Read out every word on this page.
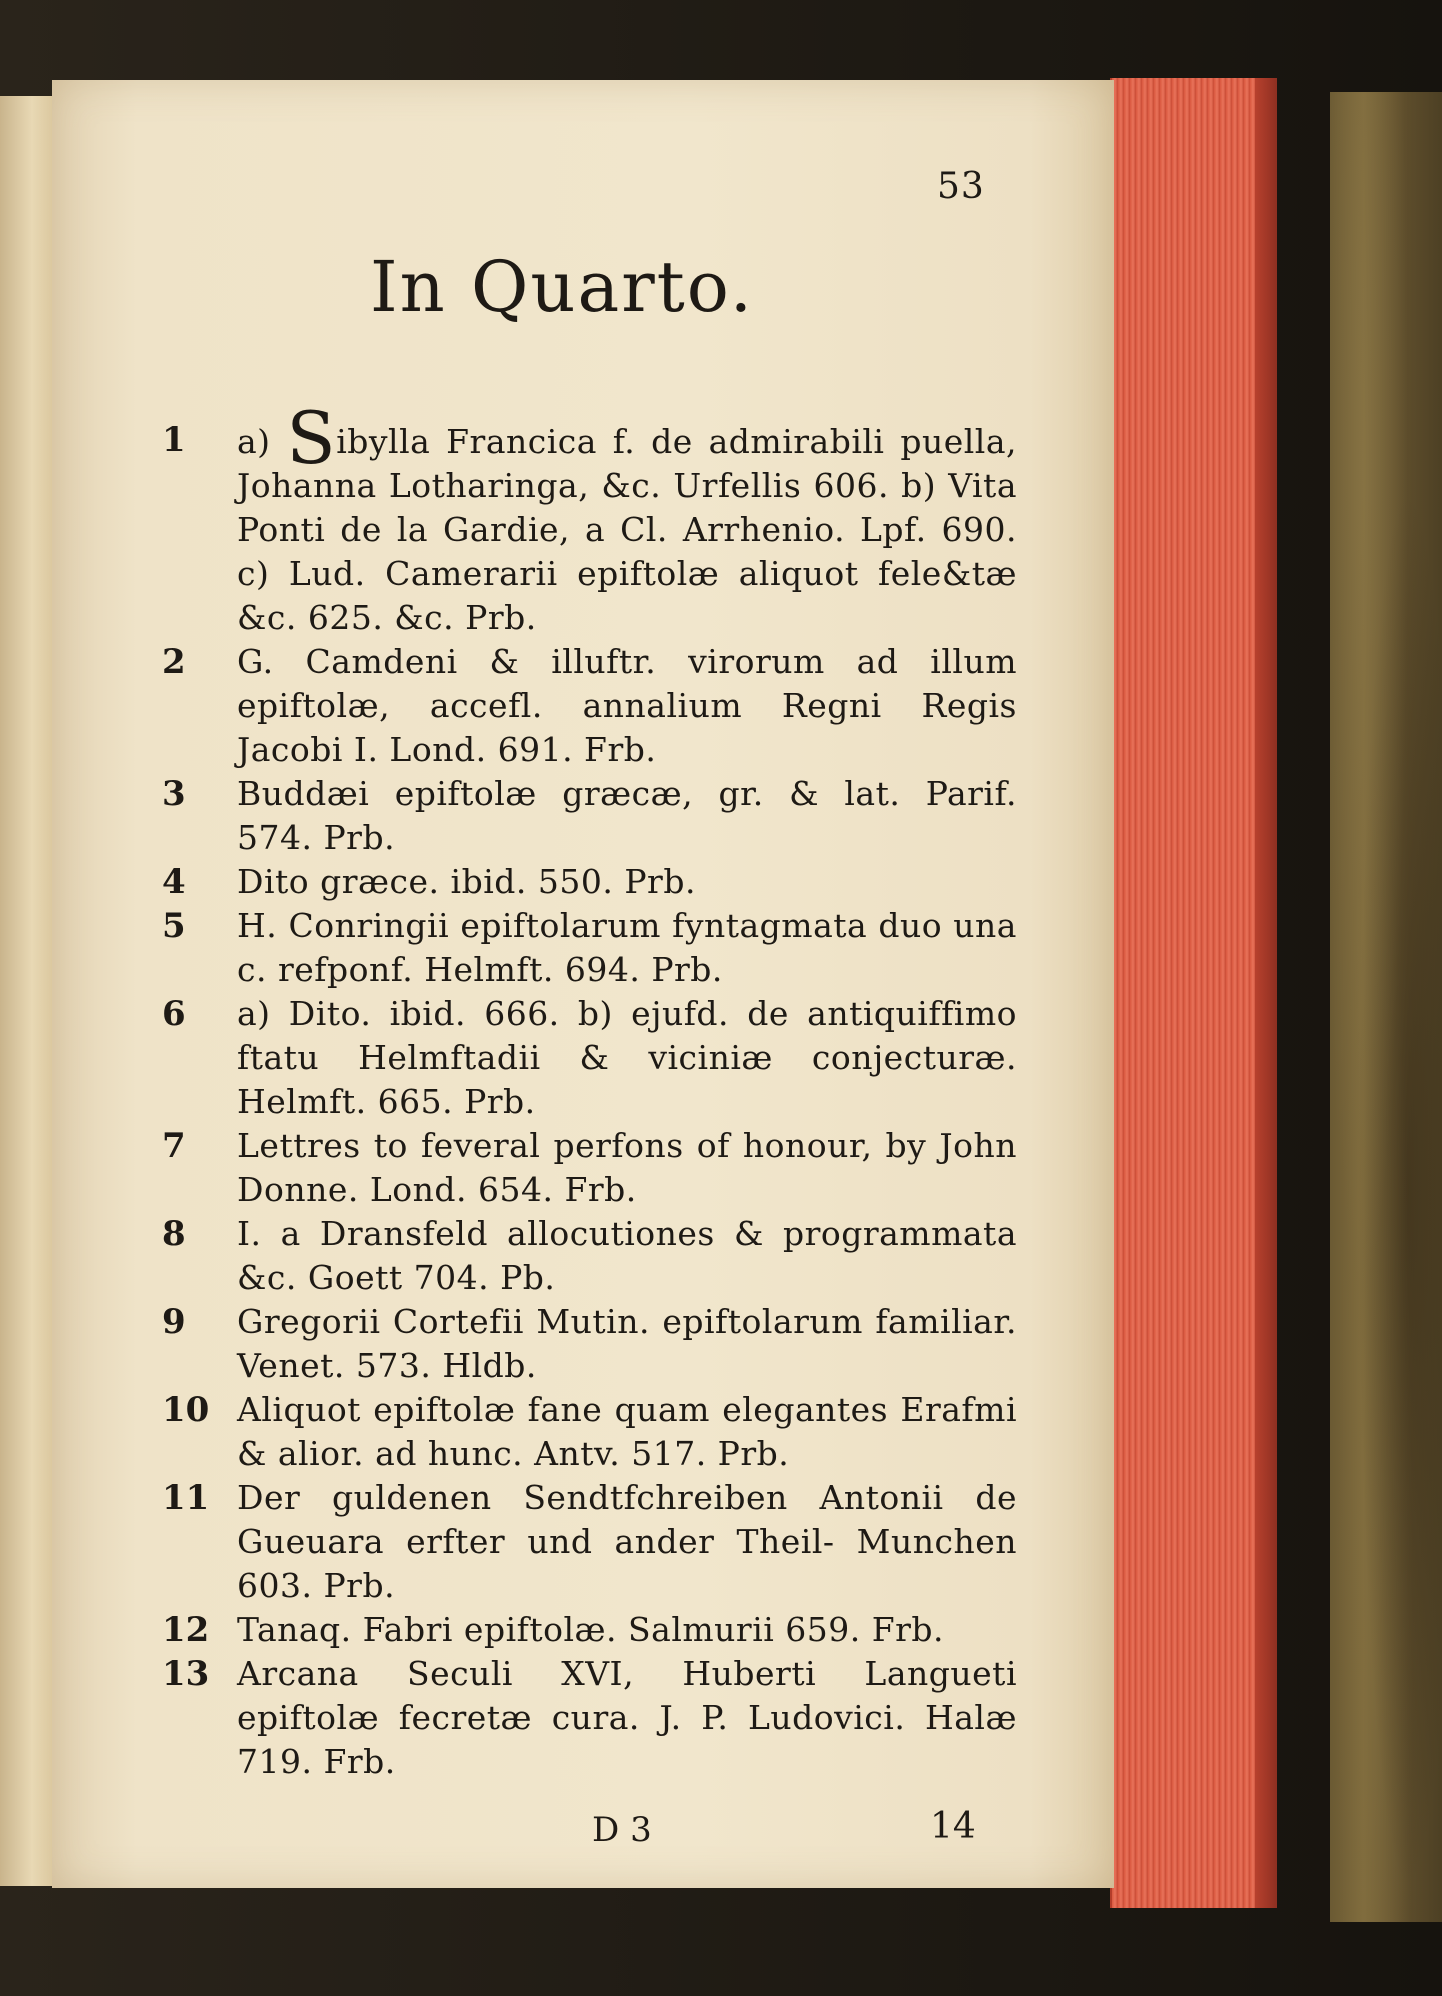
53
In Quarto.
1	a) Sibylla Francica f. de admirabili puella, Johanna Lotharinga, &c. Urfellis 606. b) Vita Ponti de la Gardie, a Cl. Arrhenio. Lpf. 690. c) Lud. Camerarii epiftolæ aliquot fele&tæ &c. 625. &c. Prb.
2	G. Camdeni & illuftr. virorum ad illum epiftolæ, accefl. annalium Regni Regis Jacobi I. Lond. 691. Frb.
3	Buddæi epiftolæ græcæ, gr. & lat. Parif. 574. Prb.
4	Dito græce. ibid. 550. Prb.
5	H. Conringii epiftolarum fyntagmata duo una c. refponf. Helmft. 694. Prb.
6	a) Dito. ibid. 666. b) ejufd. de antiquiffimo ftatu Helmftadii & viciniæ conjecturæ. Helmft. 665. Prb.
7	Lettres to feveral perfons of honour, by John Donne. Lond. 654. Frb.
8	I. a Dransfeld allocutiones & programmata &c. Goett 704. Pb.
9	Gregorii Cortefii Mutin. epiftolarum familiar. Venet. 573. Hldb.
10 Aliquot epiftolæ fane quam elegantes Erafmi & alior. ad hunc. Antv. 517. Prb.
11 Der guldenen Sendtfchreiben Antonii de Gueuara erfter und ander Theil- Munchen 603. Prb.
12 Tanaq. Fabri epiftolæ. Salmurii 659. Frb.
13 Arcana Seculi XVI, Huberti Langueti epiftolæ fecretæ cura. J. P. Ludovici. Halæ 719. Frb.
D 3	14
